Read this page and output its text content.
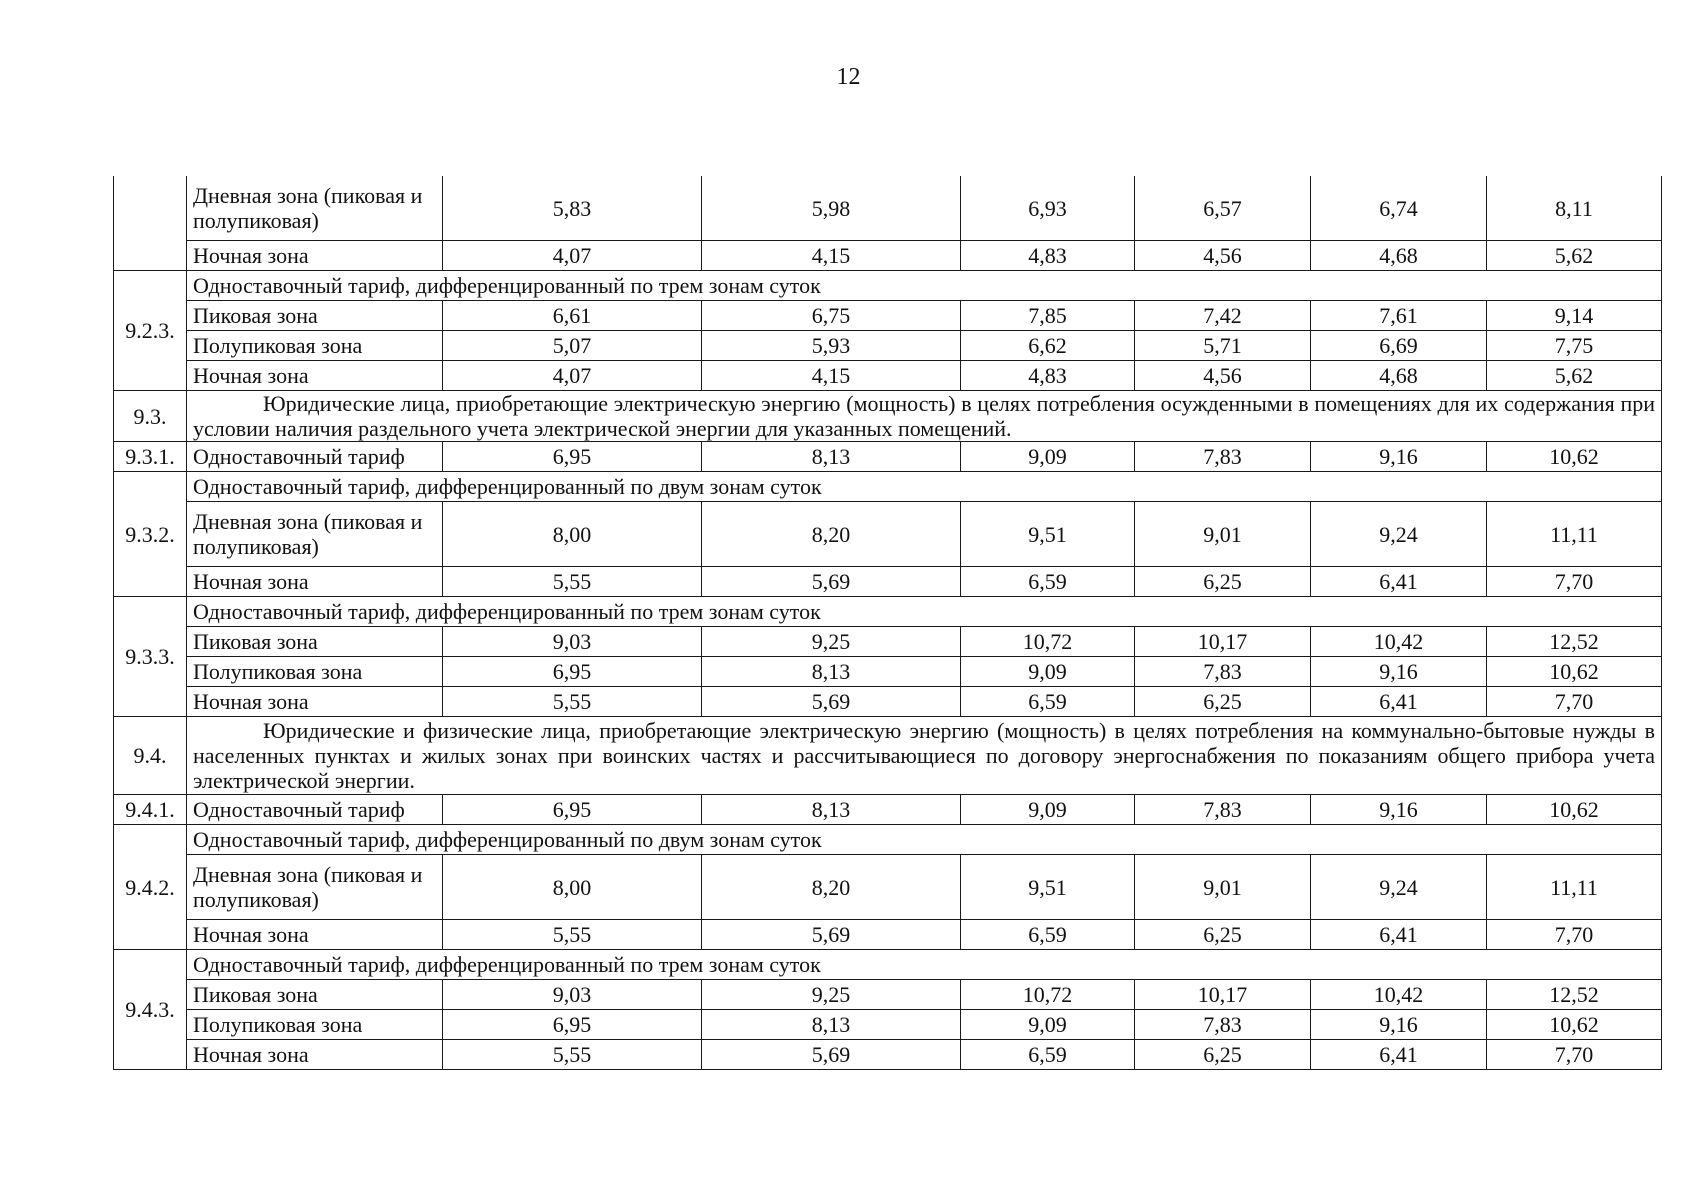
12
	Дневная зона (пиковая и полупиковая)	5,83	5,98	6,93	6,57	6,74	8,11
	Ночная зона	4,07	4,15	4,83	4,56	4,68	5,62
9.2.3.	Одноставочный тариф, дифференцированный по трем зонам суток						
	Пиковая зона	6,61	6,75	7,85	7,42	7,61	9,14
	Полупиковая зона	5,07	5,93	6,62	5,71	6,69	7,75
	Ночная зона	4,07	4,15	4,83	4,56	4,68	5,62
9.3.	Юридические лица, приобретающие электрическую энергию (мощность) в целях потребления осужденными в помещениях для их содержания при условии наличия раздельного учета электрической энергии для указанных помещений.						

9.3.1.	Одноставочный тариф	6,95	8,13	9,09	7,83	9,16	10,62
9.3.2.	Одноставочный тариф, дифференцированный по двум зонам суток						
	Дневная зона (пиковая и полупиковая)	8,00	8,20	9,51	9,01	9,24	11,11
	Ночная зона	5,55	5,69	6,59	6,25	6,41	7,70
9.3.3.	Одноставочный тариф, дифференцированный по трем зонам суток						
	Пиковая зона	9,03	9,25	10,72	10,17	10,42	12,52
	Полупиковая зона	6,95	8,13	9,09	7,83	9,16	10,62
	Ночная зона	5,55	5,69	6,59	6,25	6,41	7,70
9.4.	Юридические и физические лица, приобретающие электрическую энергию (мощность) в целях потребления на коммунально-бытовые нужды в населенных пунктах и жилых зонах при воинских частях и рассчитывающиеся по договору энергоснабжения по показаниям общего прибора учета электрической энергии.						

9.4.1.	Одноставочный тариф	6,95	8,13	9,09	7,83	9,16	10,62
9.4.2.	Одноставочный тариф, дифференцированный по двум зонам суток						
	Дневная зона (пиковая и полупиковая)	8,00	8,20	9,51	9,01	9,24	11,11
	Ночная зона	5,55	5,69	6,59	6,25	6,41	7,70
9.4.3.	Одноставочный тариф, дифференцированный по трем зонам суток						
	Пиковая зона	9,03	9,25	10,72	10,17	10,42	12,52
	Полупиковая зона	6,95	8,13	9,09	7,83	9,16	10,62
	Ночная зона	5,55	5,69	6,59	6,25	6,41	7,70
